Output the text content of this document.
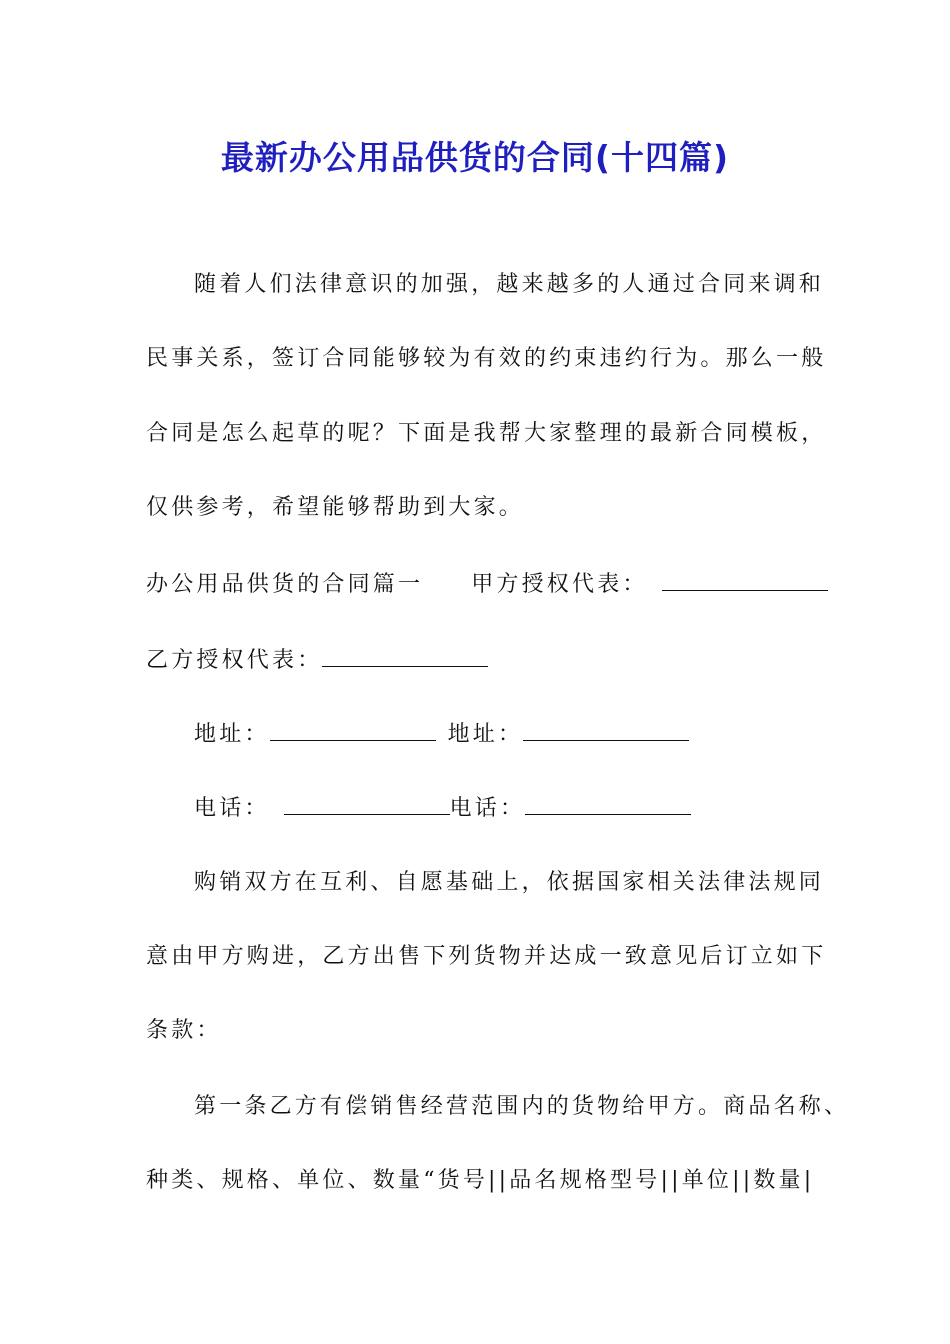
最新办公用品供货的合同(十四篇)
随着人们法律意识的加强，越来越多的人通过合同来调和
民事关系，签订合同能够较为有效的约束违约行为。那么一般
合同是怎么起草的呢？下面是我帮大家整理的最新合同模板，
仅供参考，希望能够帮助到大家。
办公用品供货的合同篇一 甲方授权代表：
乙方授权代表：
地址：	地址：
电话：	电话：
购销双方在互利、自愿基础上，依据国家相关法律法规同
意由甲方购进，乙方出售下列货物并达成一致意见后订立如下
条款：
第一条乙方有偿销售经营范围内的货物给甲方。商品名称、
种类、规格、单位、数量“货号||品名规格型号||单位||数量|
